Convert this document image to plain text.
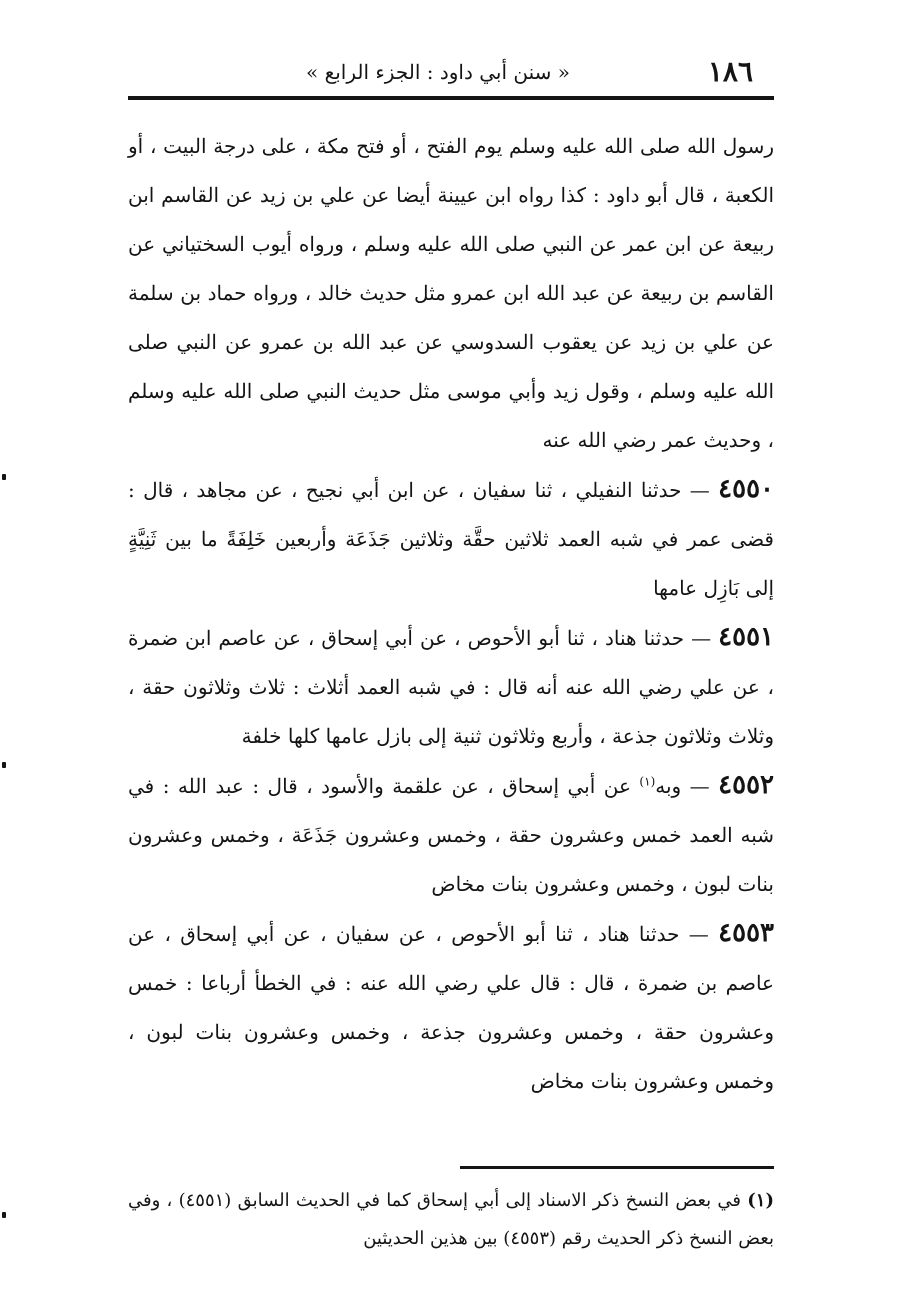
١٨٦
« سنن أبي داود : الجزء الرابع »

رسول الله صلى الله عليه وسلم يوم الفتح ، أو فتح مكة ، على درجة البيت ، أو الكعبة ، قال أبو داود : كذا رواه ابن عيينة أيضا عن علي بن زيد عن القاسم ابن ربيعة عن ابن عمر عن النبي صلى الله عليه وسلم ، ورواه أيوب السختياني عن القاسم بن ربيعة عن عبد الله ابن عمرو مثل حديث خالد ، ورواه حماد بن سلمة عن علي بن زيد عن يعقوب السدوسي عن عبد الله بن عمرو عن النبي صلى الله عليه وسلم ، وقول زيد وأبي موسى مثل حديث النبي صلى الله عليه وسلم ، وحديث عمر رضي الله عنه

٤٥٥٠ — حدثنا النفيلي ، ثنا سفيان ، عن ابن أبي نجيح ، عن مجاهد ، قال : قضى عمر في شبه العمد ثلاثين حقَّة وثلاثين جَذَعَة وأربعين خَلِفَةً ما بين ثَنِيَّةٍ إلى بَازِل عامها

٤٥٥١ — حدثنا هناد ، ثنا أبو الأحوص ، عن أبي إسحاق ، عن عاصم ابن ضمرة ، عن علي رضي الله عنه أنه قال : في شبه العمد أثلاث : ثلاث وثلاثون حقة ، وثلاث وثلاثون جذعة ، وأربع وثلاثون ثنية إلى بازل عامها كلها خلفة

٤٥٥٢ — وبه$^{(١)}$ عن أبي إسحاق ، عن علقمة والأسود ، قال : عبد الله : في شبه العمد خمس وعشرون حقة ، وخمس وعشرون جَذَعَة ، وخمس وعشرون بنات لبون ، وخمس وعشرون بنات مخاض

٤٥٥٣ — حدثنا هناد ، ثنا أبو الأحوص ، عن سفيان ، عن أبي إسحاق ، عن عاصم بن ضمرة ، قال : قال علي رضي الله عنه : في الخطأ أرباعا : خمس وعشرون حقة ، وخمس وعشرون جذعة ، وخمس وعشرون بنات لبون ، وخمس وعشرون بنات مخاض

(١) في بعض النسخ ذكر الاسناد إلى أبي إسحاق كما في الحديث السابق (٤٥٥١) ، وفي بعض النسخ ذكر الحديث رقم (٤٥٥٣) بين هذين الحديثين
